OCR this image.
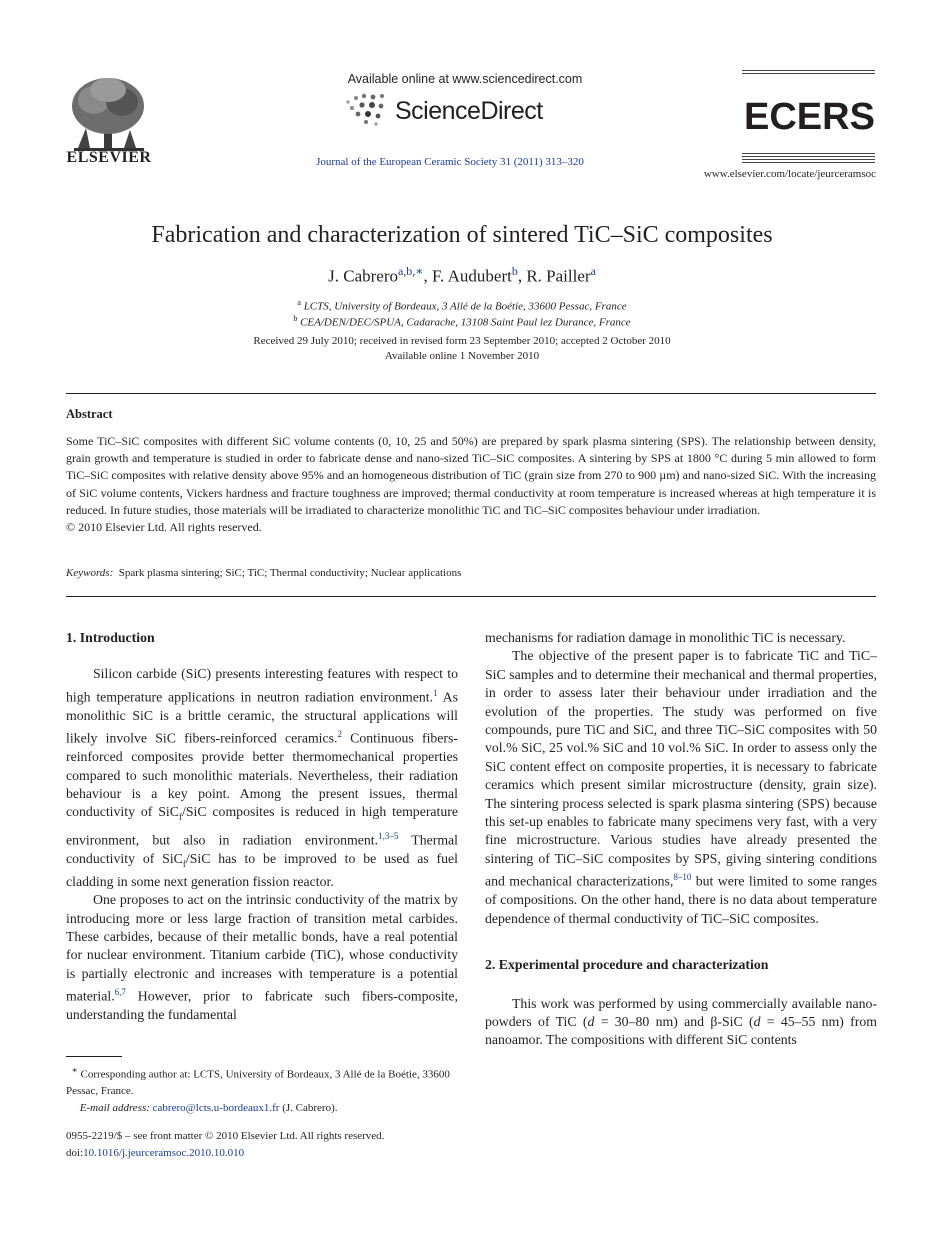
ELSEVIER
Available online at www.sciencedirect.com
ScienceDirect
Journal of the European Ceramic Society 31 (2011) 313–320
ECERS
www.elsevier.com/locate/jeurceramsoc
Fabrication and characterization of sintered TiC–SiC composites
J. Cabrero$^{a,b,∗}$, F. Audubert$^b$, R. Pailler$^a$
$^a$ LCTS, University of Bordeaux, 3 Allé de la Boétie, 33600 Pessac, France
$^b$ CEA/DEN/DEC/SPUA, Cadarache, 13108 Saint Paul lez Durance, France
Received 29 July 2010; received in revised form 23 September 2010; accepted 2 October 2010
Available online 1 November 2010
Abstract
Some TiC–SiC composites with different SiC volume contents (0, 10, 25 and 50%) are prepared by spark plasma sintering (SPS). The relationship between density, grain growth and temperature is studied in order to fabricate dense and nano-sized TiC–SiC composites. A sintering by SPS at 1800 °C during 5 min allowed to form TiC–SiC composites with relative density above 95% and an homogeneous distribution of TiC (grain size from 270 to 900 µm) and nano-sized SiC. With the increasing of SiC volume contents, Vickers hardness and fracture toughness are improved; thermal conductivity at room temperature is increased whereas at high temperature it is reduced. In future studies, those materials will be irradiated to characterize monolithic TiC and TiC–SiC composites behaviour under irradiation.
© 2010 Elsevier Ltd. All rights reserved.
Keywords: Spark plasma sintering; SiC; TiC; Thermal conductivity; Nuclear applications
1. Introduction

Silicon carbide (SiC) presents interesting features with respect to high temperature applications in neutron radiation environment.$^1$ As monolithic SiC is a brittle ceramic, the structural applications will likely involve SiC fibers-reinforced ceramics.$^2$ Continuous fibers-reinforced composites provide better thermomechanical properties compared to such monolithic materials. Nevertheless, their radiation behaviour is a key point. Among the present issues, thermal conductivity of SiC$_f$/SiC composites is reduced in high temperature environment, but also in radiation environment.$^{1,3-5}$ Thermal conductivity of SiC$_f$/SiC has to be improved to be used as fuel cladding in some next generation fission reactor.

One proposes to act on the intrinsic conductivity of the matrix by introducing more or less large fraction of transition metal carbides. These carbides, because of their metallic bonds, have a real potential for nuclear environment. Titanium carbide (TiC), whose conductivity is partially electronic and increases with temperature is a potential material.$^{6,7}$ However, prior to fabricate such fibers-composite, understanding the fundamental

mechanisms for radiation damage in monolithic TiC is necessary.

The objective of the present paper is to fabricate TiC and TiC–SiC samples and to determine their mechanical and thermal properties, in order to assess later their behaviour under irradiation and the evolution of the properties. The study was performed on five compounds, pure TiC and SiC, and three TiC–SiC composites with 50 vol.% SiC, 25 vol.% SiC and 10 vol.% SiC. In order to assess only the SiC content effect on composite properties, it is necessary to fabricate ceramics which present similar microstructure (density, grain size). The sintering process selected is spark plasma sintering (SPS) because this set-up enables to fabricate many specimens very fast, with a very fine microstructure. Various studies have already presented the sintering of TiC–SiC composites by SPS, giving sintering conditions and mechanical characterizations,$^{8-10}$ but were limited to some ranges of compositions. On the other hand, there is no data about temperature dependence of thermal conductivity of TiC–SiC composites.

2. Experimental procedure and characterization

This work was performed by using commercially available nano-powders of TiC (d = 30–80 nm) and β-SiC (d = 45–55 nm) from nanoamor. The compositions with different SiC contents

∗ Corresponding author at: LCTS, University of Bordeaux, 3 Allé de la Boétie, 33600 Pessac, France.
E-mail address: cabrero@lcts.u-bordeaux1.fr (J. Cabrero).
0955-2219/$ – see front matter © 2010 Elsevier Ltd. All rights reserved.
doi:10.1016/j.jeurceramsoc.2010.10.010
